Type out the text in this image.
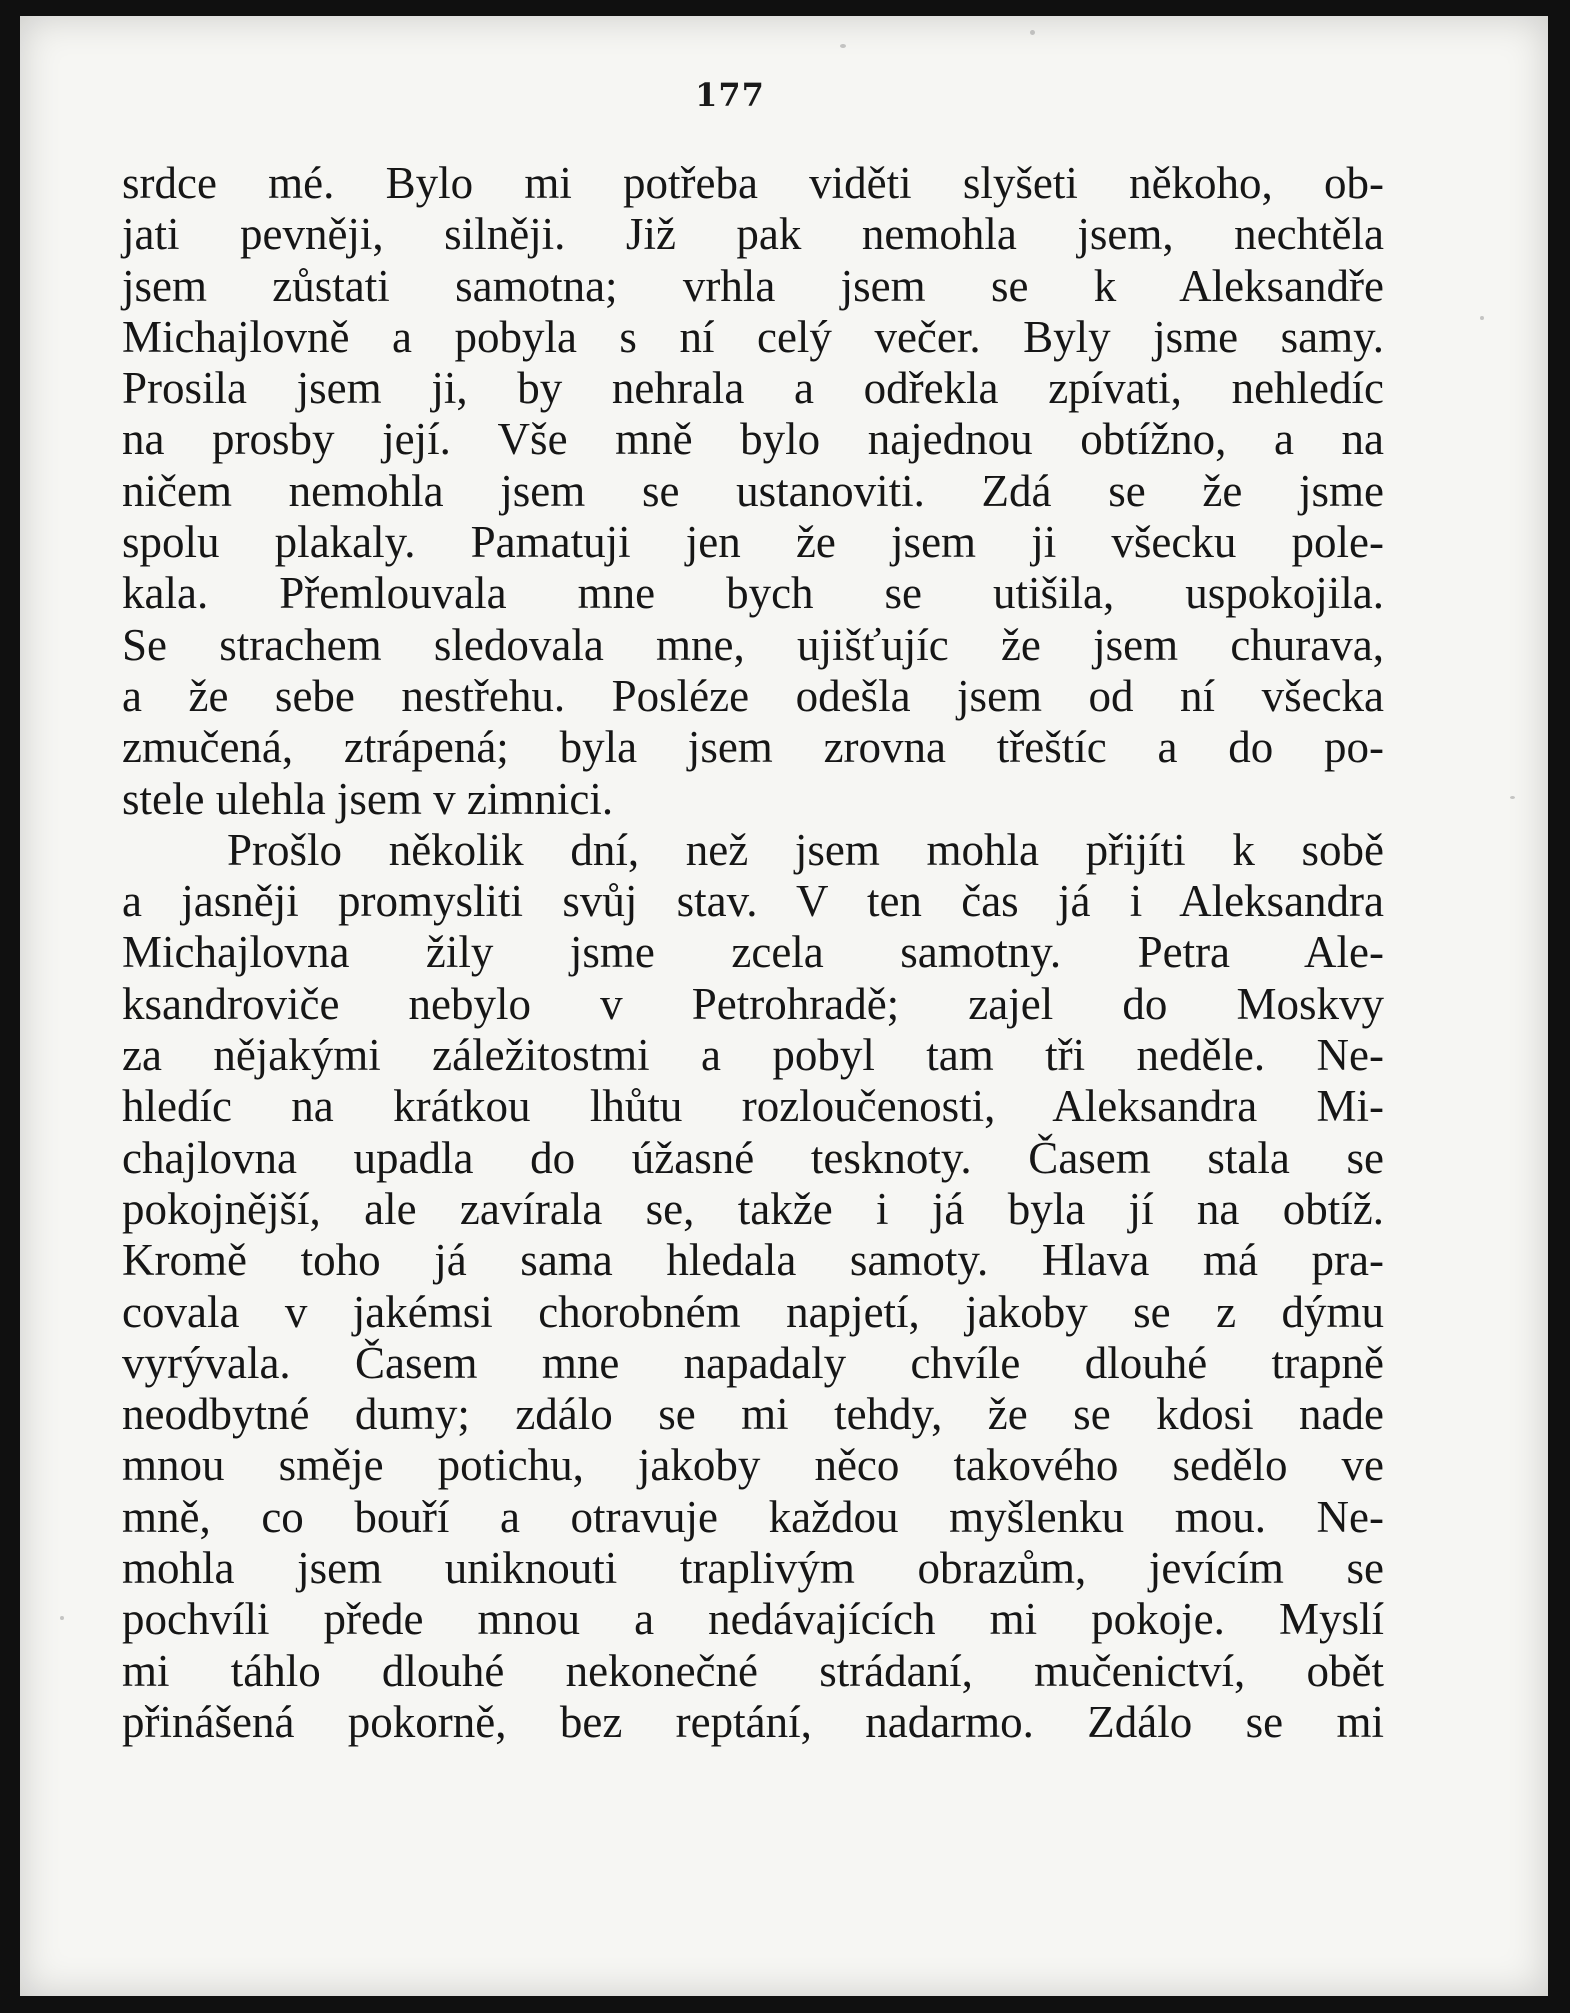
177
srdce mé. Bylo mi potřeba viděti slyšeti někoho, ob-
jati pevněji, silněji. Již pak nemohla jsem, nechtěla
jsem zůstati samotna; vrhla jsem se k Aleksandře
Michajlovně a pobyla s ní celý večer. Byly jsme samy.
Prosila jsem ji, by nehrala a odřekla zpívati, nehledíc
na prosby její. Vše mně bylo najednou obtížno, a na
ničem nemohla jsem se ustanoviti. Zdá se že jsme
spolu plakaly. Pamatuji jen že jsem ji všecku pole-
kala. Přemlouvala mne bych se utišila, uspokojila.
Se strachem sledovala mne, ujišťujíc že jsem churava,
a že sebe nestřehu. Posléze odešla jsem od ní všecka
zmučená, ztrápená; byla jsem zrovna třeštíc a do po-
stele ulehla jsem v zimnici.
Prošlo několik dní, než jsem mohla přijíti k sobě
a jasněji promysliti svůj stav. V ten čas já i Aleksandra
Michajlovna žily jsme zcela samotny. Petra Ale-
ksandroviče nebylo v Petrohradě; zajel do Moskvy
za nějakými záležitostmi a pobyl tam tři neděle. Ne-
hledíc na krátkou lhůtu rozloučenosti, Aleksandra Mi-
chajlovna upadla do úžasné tesknoty. Časem stala se
pokojnější, ale zavírala se, takže i já byla jí na obtíž.
Kromě toho já sama hledala samoty. Hlava má pra-
covala v jakémsi chorobném napjetí, jakoby se z dýmu
vyrývala. Časem mne napadaly chvíle dlouhé trapně
neodbytné dumy; zdálo se mi tehdy, že se kdosi nade
mnou směje potichu, jakoby něco takového sedělo ve
mně, co bouří a otravuje každou myšlenku mou. Ne-
mohla jsem uniknouti traplivým obrazům, jevícím se
pochvíli přede mnou a nedávajících mi pokoje. Myslí
mi táhlo dlouhé nekonečné strádaní, mučenictví, obět
přinášená pokorně, bez reptání, nadarmo. Zdálo se mi
